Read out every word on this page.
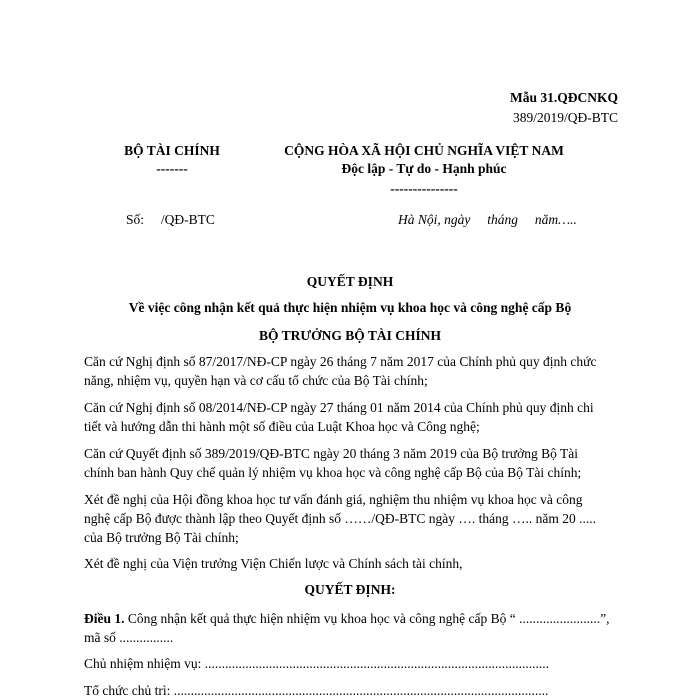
Mẫu 31.QĐCNKQ
389/2019/QĐ-BTC
BỘ TÀI CHÍNH
-------
CỘNG HÒA XÃ HỘI CHỦ NGHĨA VIỆT NAM
Độc lập - Tự do - Hạnh phúc
---------------
Số:     /QĐ-BTC	Hà Nội, ngày     tháng     năm…..
QUYẾT ĐỊNH
Về việc công nhận kết quả thực hiện nhiệm vụ khoa học và công nghệ cấp Bộ
BỘ TRƯỞNG BỘ TÀI CHÍNH
Căn cứ Nghị định số 87/2017/NĐ-CP ngày 26 tháng 7 năm 2017 của Chính phủ quy định chức
năng, nhiệm vụ, quyền hạn và cơ cấu tổ chức của Bộ Tài chính;
Căn cứ Nghị định số 08/2014/NĐ-CP ngày 27 tháng 01 năm 2014 của Chính phủ quy định chi
tiết và hướng dẫn thi hành một số điều của Luật Khoa học và Công nghệ;
Căn cứ Quyết định số 389/2019/QĐ-BTC ngày 20 tháng 3 năm 2019 của Bộ trưởng Bộ Tài
chính ban hành Quy chế quản lý nhiệm vụ khoa học và công nghệ cấp Bộ của Bộ Tài chính;
Xét đề nghị của Hội đồng khoa học tư vấn đánh giá, nghiệm thu nhiệm vụ khoa học và công
nghệ cấp Bộ được thành lập theo Quyết định số ……/QĐ-BTC ngày …. tháng ….. năm 20 .....
của Bộ trưởng Bộ Tài chính;
Xét đề nghị của Viện trưởng Viện Chiến lược và Chính sách tài chính,
QUYẾT ĐỊNH:
Điều 1. Công nhận kết quả thực hiện nhiệm vụ khoa học và công nghệ cấp Bộ “ ........................”,
mã số ................
Chủ nhiệm nhiệm vụ: ......................................................................................................
Tổ chức chủ trì: ...............................................................................................................
